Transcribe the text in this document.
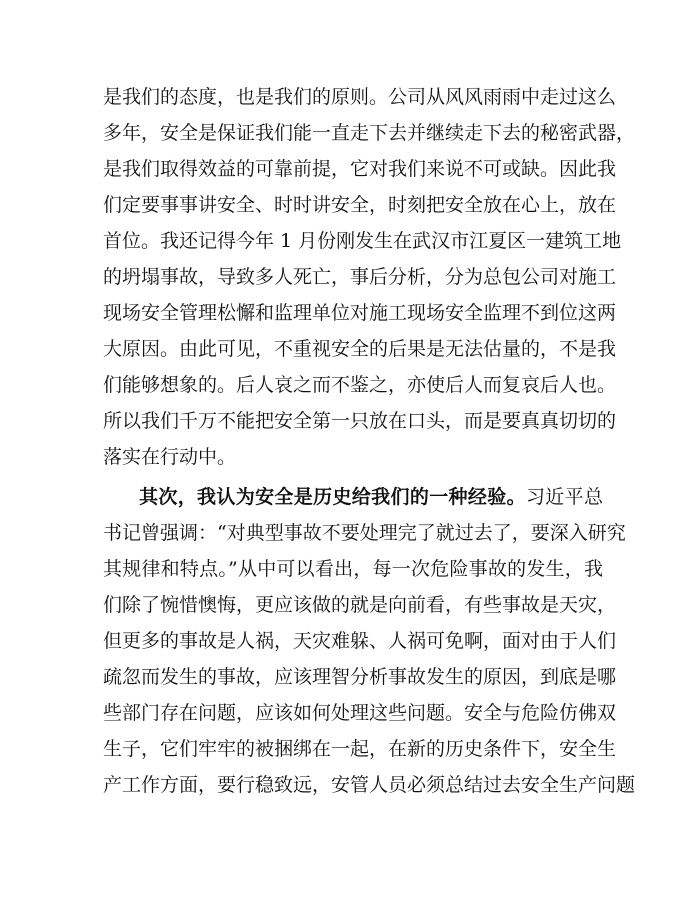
是我们的态度，也是我们的原则。公司从风风雨雨中走过这么
多年，安全是保证我们能一直走下去并继续走下去的秘密武器，
是我们取得效益的可靠前提，它对我们来说不可或缺。因此我
们定要事事讲安全、时时讲安全，时刻把安全放在心上，放在
首位。我还记得今年 1 月份刚发生在武汉市江夏区一建筑工地
的坍塌事故，导致多人死亡，事后分析，分为总包公司对施工
现场安全管理松懈和监理单位对施工现场安全监理不到位这两
大原因。由此可见，不重视安全的后果是无法估量的，不是我
们能够想象的。后人哀之而不鉴之，亦使后人而复哀后人也。
所以我们千万不能把安全第一只放在口头，而是要真真切切的
落实在行动中。
其次，我认为安全是历史给我们的一种经验。习近平总
书记曾强调：“对典型事故不要处理完了就过去了，要深入研究
其规律和特点。”从中可以看出，每一次危险事故的发生，我
们除了惋惜懊悔，更应该做的就是向前看，有些事故是天灾，
但更多的事故是人祸，天灾难躲、人祸可免啊，面对由于人们
疏忽而发生的事故，应该理智分析事故发生的原因，到底是哪
些部门存在问题，应该如何处理这些问题。安全与危险仿佛双
生子，它们牢牢的被捆绑在一起，在新的历史条件下，安全生
产工作方面，要行稳致远，安管人员必须总结过去安全生产问题
